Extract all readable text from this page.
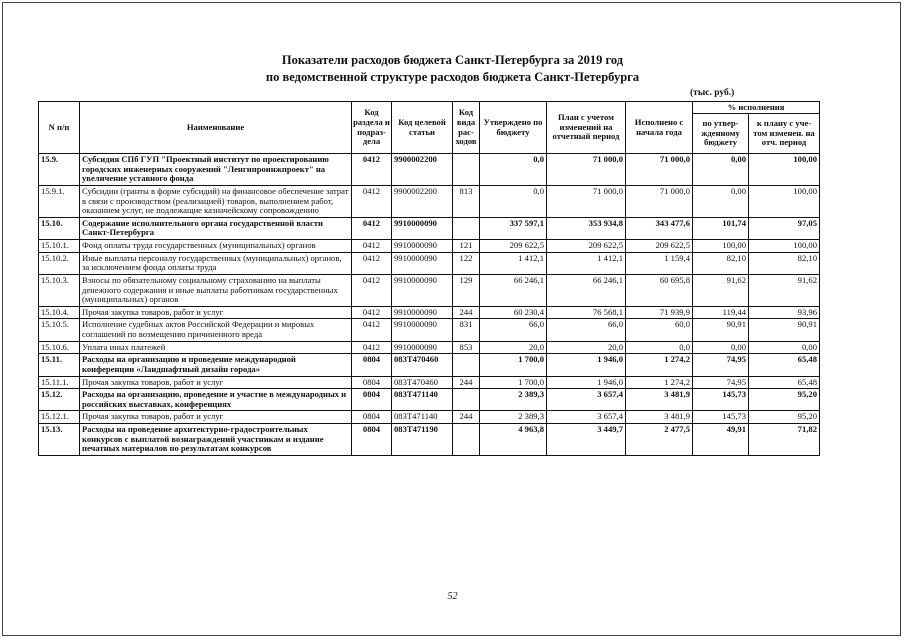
Показатели расходов бюджета Санкт-Петербурга за 2019 год
по ведомственной структуре расходов бюджета Санкт-Петербурга
(тыс. руб.)
N п/п	Наименование	Код раздела и подраз-дела	Код целевой статьи	Код вида рас-ходов	Утверждено по бюджету	План с учетом изменений на отчетный период	Исполнено с начала года	% исполнения	
								по утвер-жденному бюджету	к плану с уче-том изменен. на отч. период
15.9.	Субсидия СПб ГУП "Проектный институт по проектированию городских инженерных сооружений "Ленгипроинжпроект" на увеличение уставного фонда	0412	9900002200		0,0	71 000,0	71 000,0	0,00	100,00
15.9.1.	Субсидии (гранты в форме субсидий) на финансовое обеспечение затрат в связи с производством (реализацией) товаров, выполнением работ, оказанием услуг, не подлежащие казначейскому сопровождению	0412	9900002200	813	0,0	71 000,0	71 000,0	0,00	100,00
15.10.	Содержание исполнительного органа государственной власти Санкт-Петербурга	0412	9910000090		337 597,1	353 934,8	343 477,6	101,74	97,05
15.10.1.	Фонд оплаты труда государственных (муниципальных) органов	0412	9910000090	121	209 622,5	209 622,5	209 622,5	100,00	100,00
15.10.2.	Иные выплаты персоналу государственных (муниципальных) органов, за исключением фонда оплаты труда	0412	9910000090	122	1 412,1	1 412,1	1 159,4	82,10	82,10
15.10.3.	Взносы по обязательному социальному страхованию на выплаты денежного содержания и иные выплаты работникам государственных (муниципальных) органов	0412	9910000090	129	66 246,1	66 246,1	60 695,8	91,62	91,62
15.10.4.	Прочая закупка товаров, работ и услуг	0412	9910000090	244	60 230,4	76 568,1	71 939,9	119,44	93,96
15.10.5.	Исполнение судебных актов Российской Федерации и мировых соглашений по возмещению причиненного вреда	0412	9910000090	831	66,0	66,0	60,0	90,91	90,91
15.10.6.	Уплата иных платежей	0412	9910000090	853	20,0	20,0	0,0	0,00	0,00
15.11.	Расходы на организацию и проведение международной конференции «Ландшафтный дизайн города»	0804	083Т470460		1 700,0	1 946,0	1 274,2	74,95	65,48
15.11.1.	Прочая закупка товаров, работ и услуг	0804	083Т470460	244	1 700,0	1 946,0	1 274,2	74,95	65,48
15.12.	Расходы на организацию, проведение и участие в международных и российских выставках, конференциях	0804	083Т471140		2 389,3	3 657,4	3 481,9	145,73	95,20
15.12.1.	Прочая закупка товаров, работ и услуг	0804	083Т471140	244	2 389,3	3 657,4	3 481,9	145,73	95,20
15.13.	Расходы на проведение архитектурно-градостроительных конкурсов с выплатой вознаграждений участникам и издание печатных материалов по результатам конкурсов	0804	083Т471190		4 963,8	3 449,7	2 477,5	49,91	71,82
52
